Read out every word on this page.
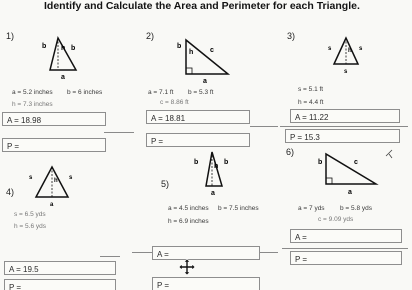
Identify and Calculate the Area and Perimeter for each Triangle.
1)
b h b
a
a = 5.2 inches b = 6 inches
h = 7.3 inches
A = 18.98
P =
2)
b
h c
a
a = 7.1 ft b = 5.3 ft
c = 8.86 ft
A = 18.81
P =
3)
s	h s
s
s = 5.1 ft
h = 4.4 ft
A = 11.22
P = 15.3
4)
s	h s
a
s = 6.5 yds
h = 5.6 yds
A = 19.5
P =
5)
b
h
b
a
a = 4.5 inches b = 7.5 inches
h = 6.9 inches
A =
P =
6)
b	c
a
a = 7 yds b = 5.8 yds
c = 9.09 yds
A =
P =
